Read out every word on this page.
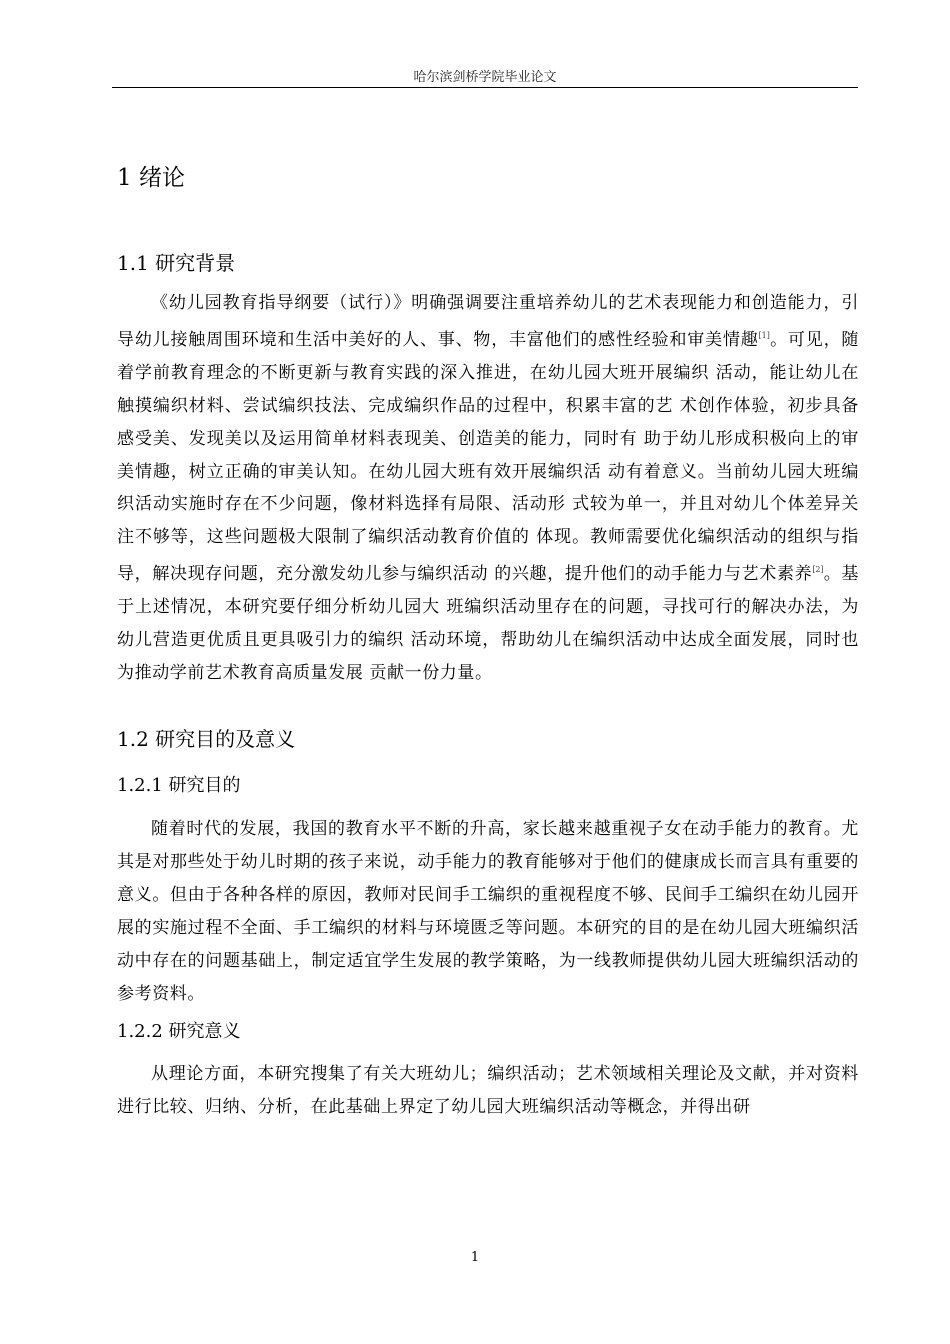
哈尔滨剑桥学院毕业论文
1 绪论
1.1 研究背景

《幼儿园教育指导纲要（试行）》明确强调要注重培养幼儿的艺术表现能力和创造能力，引导幼儿接触周围环境和生活中美好的人、事、物，丰富他们的感性经验和审美情趣[1]。可见，随着学前教育理念的不断更新与教育实践的深入推进，在幼儿园大班开展编织 活动，能让幼儿在触摸编织材料、尝试编织技法、完成编织作品的过程中，积累丰富的艺 术创作体验，初步具备感受美、发现美以及运用简单材料表现美、创造美的能力，同时有 助于幼儿形成积极向上的审美情趣，树立正确的审美认知。在幼儿园大班有效开展编织活 动有着意义。当前幼儿园大班编织活动实施时存在不少问题，像材料选择有局限、活动形 式较为单一，并且对幼儿个体差异关注不够等，这些问题极大限制了编织活动教育价值的 体现。教师需要优化编织活动的组织与指导，解决现存问题，充分激发幼儿参与编织活动 的兴趣，提升他们的动手能力与艺术素养[2]。基于上述情况，本研究要仔细分析幼儿园大 班编织活动里存在的问题，寻找可行的解决办法，为幼儿营造更优质且更具吸引力的编织 活动环境，帮助幼儿在编织活动中达成全面发展，同时也为推动学前艺术教育高质量发展 贡献一份力量。

1.2 研究目的及意义
1.2.1 研究目的

随着时代的发展，我国的教育水平不断的升高，家长越来越重视子女在动手能力的教育。尤其是对那些处于幼儿时期的孩子来说，动手能力的教育能够对于他们的健康成长而言具有重要的意义。但由于各种各样的原因，教师对民间手工编织的重视程度不够、民间手工编织在幼儿园开展的实施过程不全面、手工编织的材料与环境匮乏等问题。本研究的目的是在幼儿园大班编织活动中存在的问题基础上，制定适宜学生发展的教学策略，为一线教师提供幼儿园大班编织活动的参考资料。

1.2.2 研究意义

从理论方面，本研究搜集了有关大班幼儿；编织活动；艺术领域相关理论及文献，并对资料进行比较、归纳、分析，在此基础上界定了幼儿园大班编织活动等概念，并得出研

1
